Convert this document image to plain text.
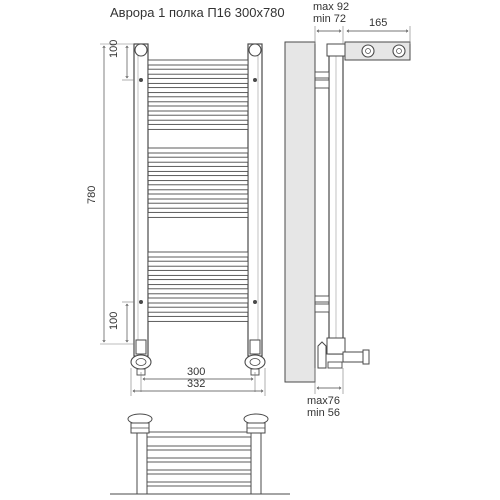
Аврора 1 полка П16 300х780
100
100
780
300
332
max 92
min 72 165
max76
min 56
